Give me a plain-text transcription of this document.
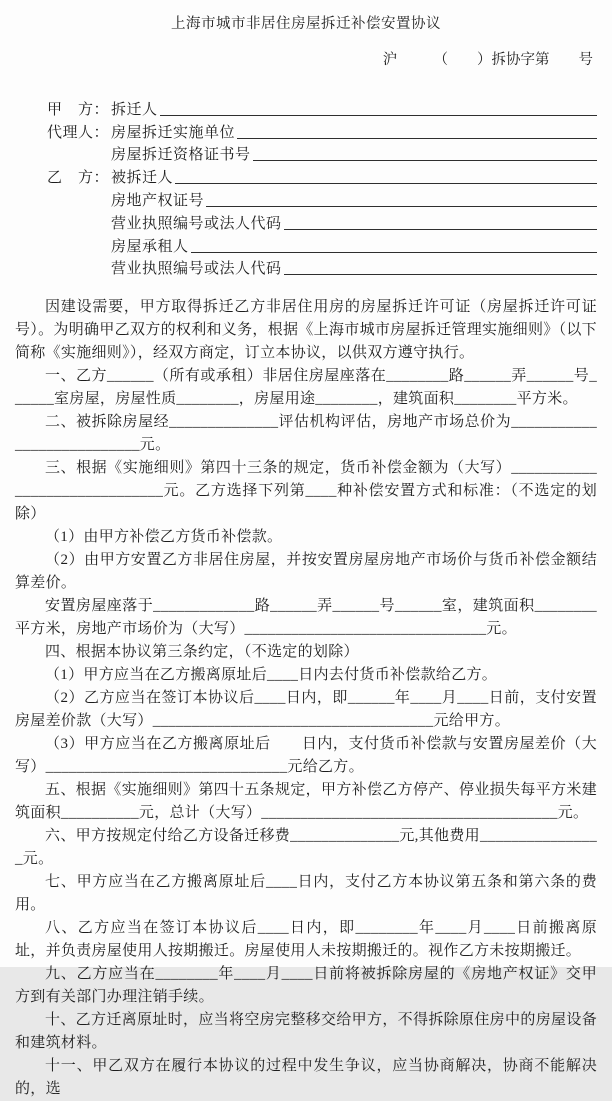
上海市城市非居住房屋拆迁补偿安置协议
沪　　　（　　）拆协字第　　号
甲　方： 拆迁人
代理人： 房屋拆迁实施单位
房屋拆迁资格证书号
乙　方： 被拆迁人
房地产权证号
营业执照编号或法人代码
房屋承租人
营业执照编号或法人代码

因建设需要，甲方取得拆迁乙方非居住用房的房屋拆迁许可证（房屋拆迁许可证号）。为明确甲乙双方的权利和义务，根据《上海市城市房屋拆迁管理实施细则》（以下简称《实施细则》），经双方商定，订立本协议，以供双方遵守执行。

一、乙方______（所有或承租）非居住房屋座落在________路______弄______号______室房屋，房屋性质________，房屋用途________，建筑面积________平方米。

二、被拆除房屋经______________评估机构评估，房地产市场总价为___________________________元。

三、根据《实施细则》第四十三条的规定，货币补偿金额为（大写）______________________________元。乙方选择下列第____种补偿安置方式和标准：（不选定的划除）

（1）由甲方补偿乙方货币补偿款。

（2）由甲方安置乙方非居住房屋，并按安置房屋房地产市场价与货币补偿金额结算差价。

安置房屋座落于_____________路______弄______号______室，建筑面积________平方米，房地产市场价为（大写）_______________________________元。

四、根据本协议第三条约定，（不选定的划除）

（1）甲方应当在乙方搬离原址后____日内去付货币补偿款给乙方。

（2）乙方应当在签订本协议后____日内，即______年____月____日前，支付安置房屋差价款（大写）____________________________________元给甲方。

（3）甲方应当在乙方搬离原址后　　日内，支付货币补偿款与安置房屋差价（大写）_______________________________元给乙方。

五、根据《实施细则》第四十五条规定，甲方补偿乙方停产、停业损失每平方米建筑面积__________元，总计（大写）______________________________________元。

六、甲方按规定付给乙方设备迁移费______________元,其他费用________________元。

七、甲方应当在乙方搬离原址后____日内，支付乙方本协议第五条和第六条的费用。

八、乙方应当在签订本协议后____日内，即________年____月____日前搬离原址，并负责房屋使用人按期搬迁。房屋使用人未按期搬迁的。视作乙方未按期搬迁。

九、乙方应当在________年____月____日前将被拆除房屋的《房地产权证》交甲方到有关部门办理注销手续。

十、乙方迁离原址时，应当将空房完整移交给甲方，不得拆除原住房中的房屋设备和建筑材料。

十一、甲乙双方在履行本协议的过程中发生争议，应当协商解决，协商不能解决的，选
